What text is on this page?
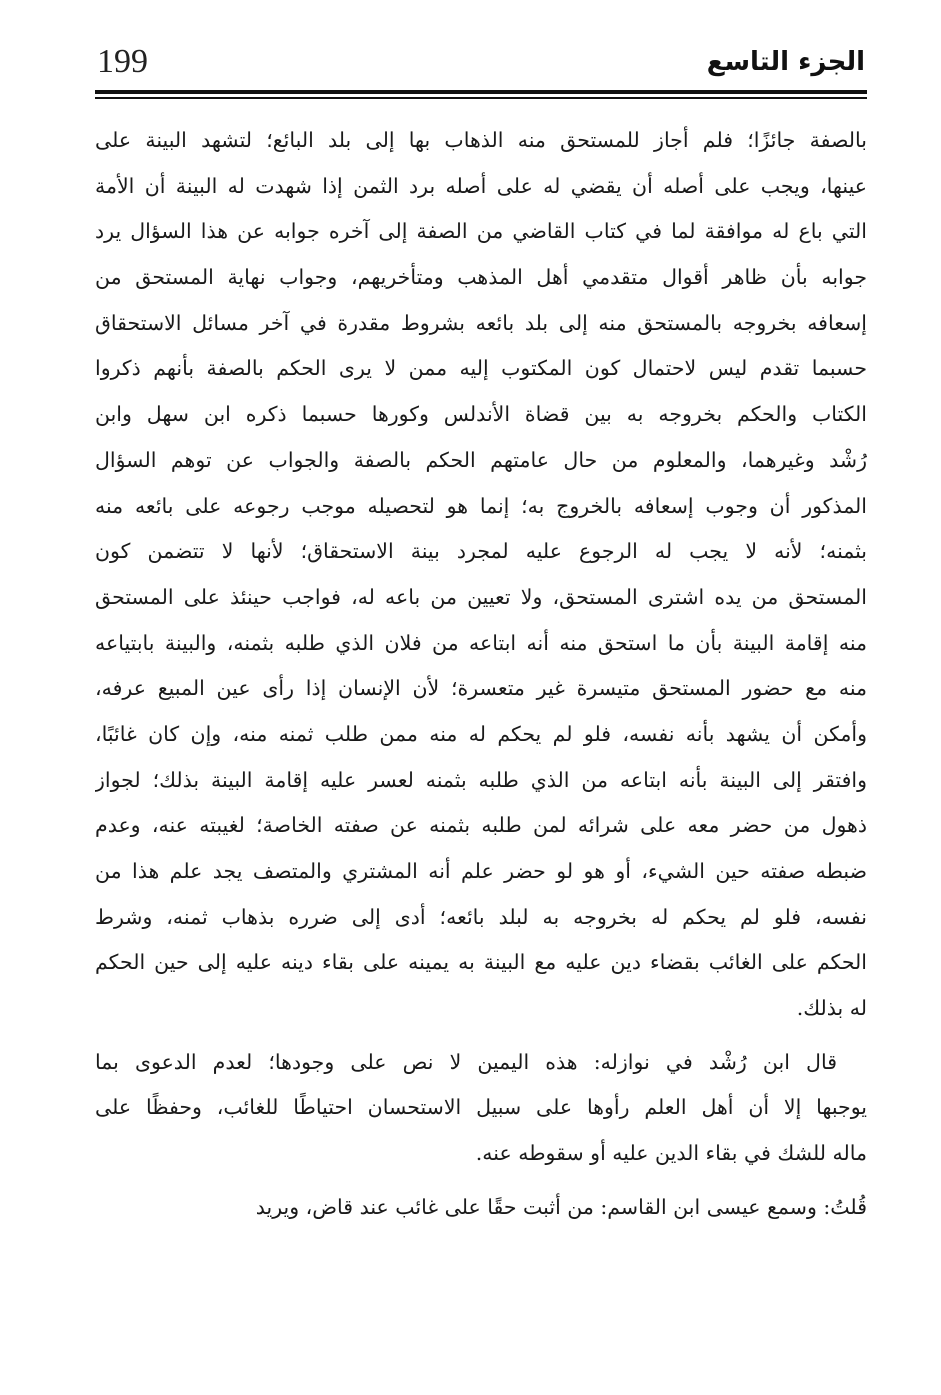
199	الجزء التاسع
بالصفة جائزًا؛ فلم أجاز للمستحق منه الذهاب بها إلى بلد البائع؛ لتشهد البينة على
عينها، ويجب على أصله أن يقضي له على أصله برد الثمن إذا شهدت له البينة أن الأمة
التي باع له موافقة لما في كتاب القاضي من الصفة إلى آخره جوابه عن هذا السؤال يرد
جوابه بأن ظاهر أقوال متقدمي أهل المذهب ومتأخريهم، وجواب نهاية المستحق من
إسعافه بخروجه بالمستحق منه إلى بلد بائعه بشروط مقدرة في آخر مسائل الاستحقاق
حسبما تقدم ليس لاحتمال كون المكتوب إليه ممن لا يرى الحكم بالصفة بأنهم ذكروا
الكتاب والحكم بخروجه به بين قضاة الأندلس وكورها حسبما ذكره ابن سهل وابن
رُشْد وغيرهما، والمعلوم من حال عامتهم الحكم بالصفة والجواب عن توهم السؤال
المذكور أن وجوب إسعافه بالخروج به؛ إنما هو لتحصيله موجب رجوعه على بائعه منه
بثمنه؛ لأنه لا يجب له الرجوع عليه لمجرد بينة الاستحقاق؛ لأنها لا تتضمن كون
المستحق من يده اشترى المستحق، ولا تعيين من باعه له، فواجب حينئذ على المستحق
منه إقامة البينة بأن ما استحق منه أنه ابتاعه من فلان الذي طلبه بثمنه، والبينة بابتياعه
منه مع حضور المستحق متيسرة غير متعسرة؛ لأن الإنسان إذا رأى عين المبيع عرفه،
وأمكن أن يشهد بأنه نفسه، فلو لم يحكم له منه ممن طلب ثمنه منه، وإن كان غائبًا،
وافتقر إلى البينة بأنه ابتاعه من الذي طلبه بثمنه لعسر عليه إقامة البينة بذلك؛ لجواز
ذهول من حضر معه على شرائه لمن طلبه بثمنه عن صفته الخاصة؛ لغيبته عنه، وعدم
ضبطه صفته حين الشيء، أو هو لو حضر علم أنه المشتري والمتصف يجد علم هذا من
نفسه، فلو لم يحكم له بخروجه به لبلد بائعه؛ أدى إلى ضرره بذهاب ثمنه، وشرط
الحكم على الغائب بقضاء دين عليه مع البينة به يمينه على بقاء دينه عليه إلى حين الحكم
له بذلك.
قال ابن رُشْد في نوازله: هذه اليمين لا نص على وجودها؛ لعدم الدعوى بما
يوجبها إلا أن أهل العلم رأوها على سبيل الاستحسان احتياطًا للغائب، وحفظًا على
ماله للشك في بقاء الدين عليه أو سقوطه عنه.
قُلتُ: وسمع عيسى ابن القاسم: من أثبت حقًا على غائب عند قاض، ويريد
